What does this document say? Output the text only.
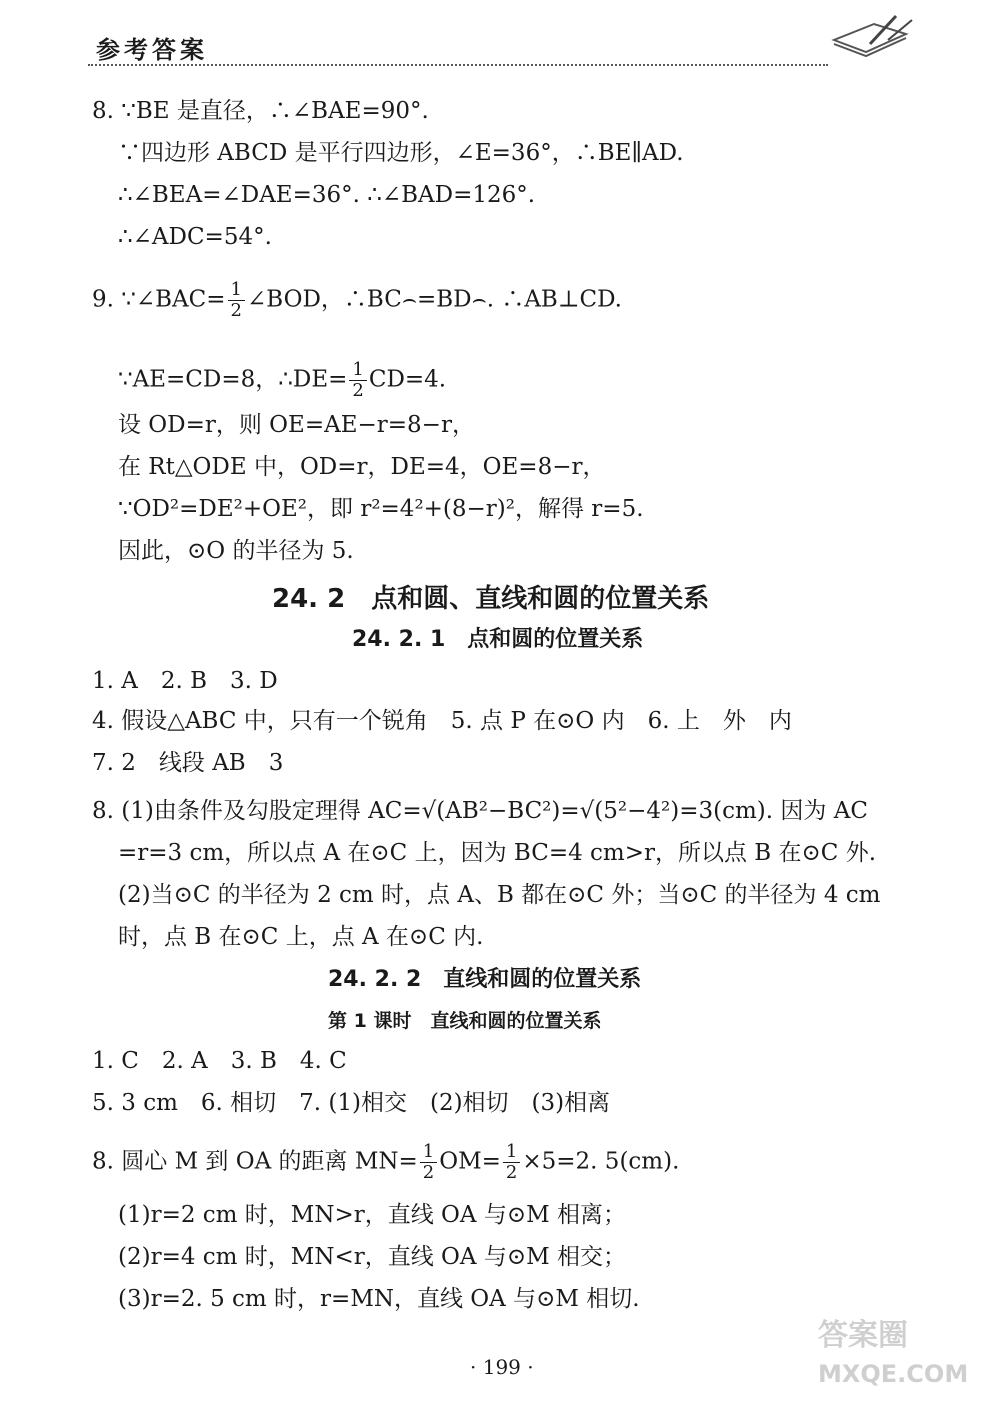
参考答案
8. ∵BE 是直径，∴∠BAE=90°.
∵四边形 ABCD 是平行四边形，∠E=36°，∴BE∥AD.
∴∠BEA=∠DAE=36°. ∴∠BAD=126°.
∴∠ADC=54°.
9. ∵∠BAC= $\frac{1}{2}$ ∠BOD，∴BC⌢=BD⌢. ∴AB⊥CD.
∵AE=CD=8，∴DE= $\frac{1}{2} CD=4$.
设 OD=r，则 OE=AE−r=8−r，
在 Rt△ODE 中，OD=r，DE=4，OE=8−r，
∵OD²=DE²+OE²，即 r²=4²+(8−r)²，解得 r=5.
因此，⊙O 的半径为 5.
24. 2　点和圆、直线和圆的位置关系
24. 2. 1　点和圆的位置关系
1. A　2. B　3. D
4. 假设△ABC 中，只有一个锐角　5. 点 P 在⊙O 内　6. 上　外　内
7. 2　线段 AB　3
8. (1)由条件及勾股定理得 AC=√(AB²−BC²)=√(5²−4²)=3(cm). 因为 AC
=r=3 cm，所以点 A 在⊙C 上，因为 BC=4 cm>r，所以点 B 在⊙C 外.
(2)当⊙C 的半径为 2 cm 时，点 A、B 都在⊙C 外；当⊙C 的半径为 4 cm
时，点 B 在⊙C 上，点 A 在⊙C 内.
24. 2. 2　直线和圆的位置关系
第 1 课时　直线和圆的位置关系
1. C　2. A　3. B　4. C
5. 3 cm　6. 相切　7. (1)相交　(2)相切　(3)相离
8. 圆心 M 到 OA 的距离 $MN= \frac{1}{2} OM= \frac{1}{2} \times 5=2$. 5(cm).
(1)r=2 cm 时，MN>r，直线 OA 与⊙M 相离；
(2)r=4 cm 时，MN<r，直线 OA 与⊙M 相交；
(3)r=2. 5 cm 时，r=MN，直线 OA 与⊙M 相切.
· 199 ·
答案圈
MXQE.COM
